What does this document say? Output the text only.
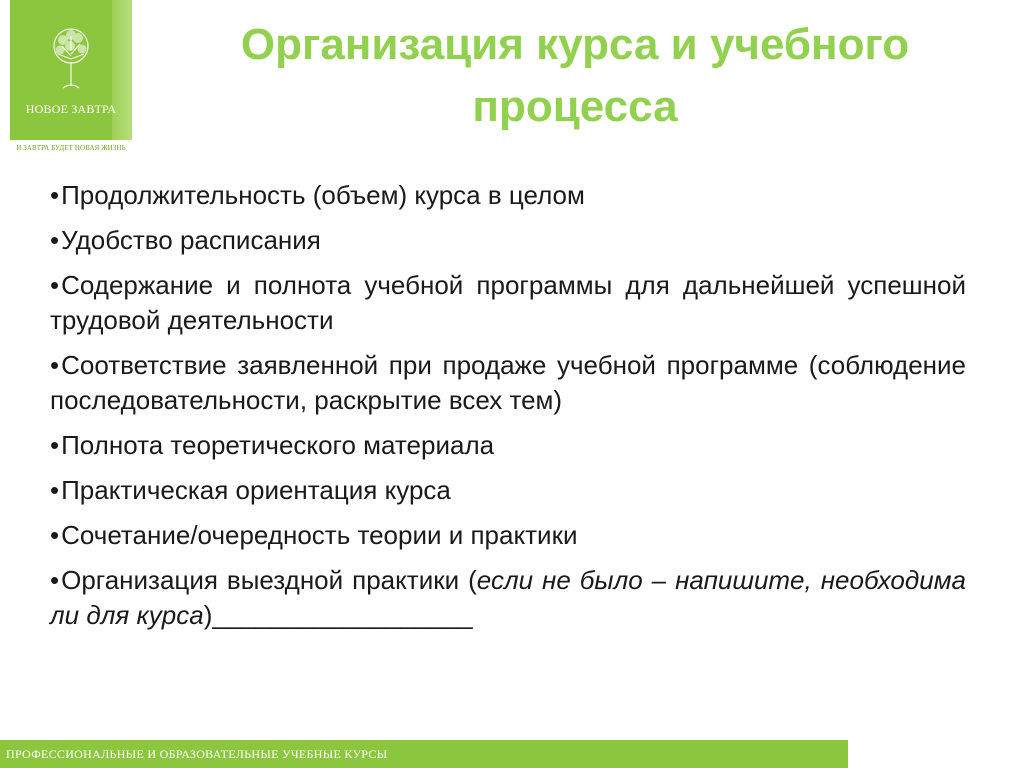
НОВОЕ ЗАВТРА
И ЗАВТРА БУДЕТ НОВАЯ ЖИЗНЬ
Организация курса и учебного
процесса
•Продолжительность (объем) курса в целом
•Удобство расписания
•Содержание и полнота учебной программы для дальнейшей успешной трудовой деятельности
•Соответствие заявленной при продаже учебной программе (соблюдение последовательности, раскрытие всех тем)
•Полнота теоретического материала
•Практическая ориентация курса
•Сочетание/очередность теории и практики
•Организация выездной практики (если не было – напишите, необходима ли для курса)__________________
ПРОФЕССИОНАЛЬНЫЕ И ОБРАЗОВАТЕЛЬНЫЕ УЧЕБНЫЕ КУРСЫ
